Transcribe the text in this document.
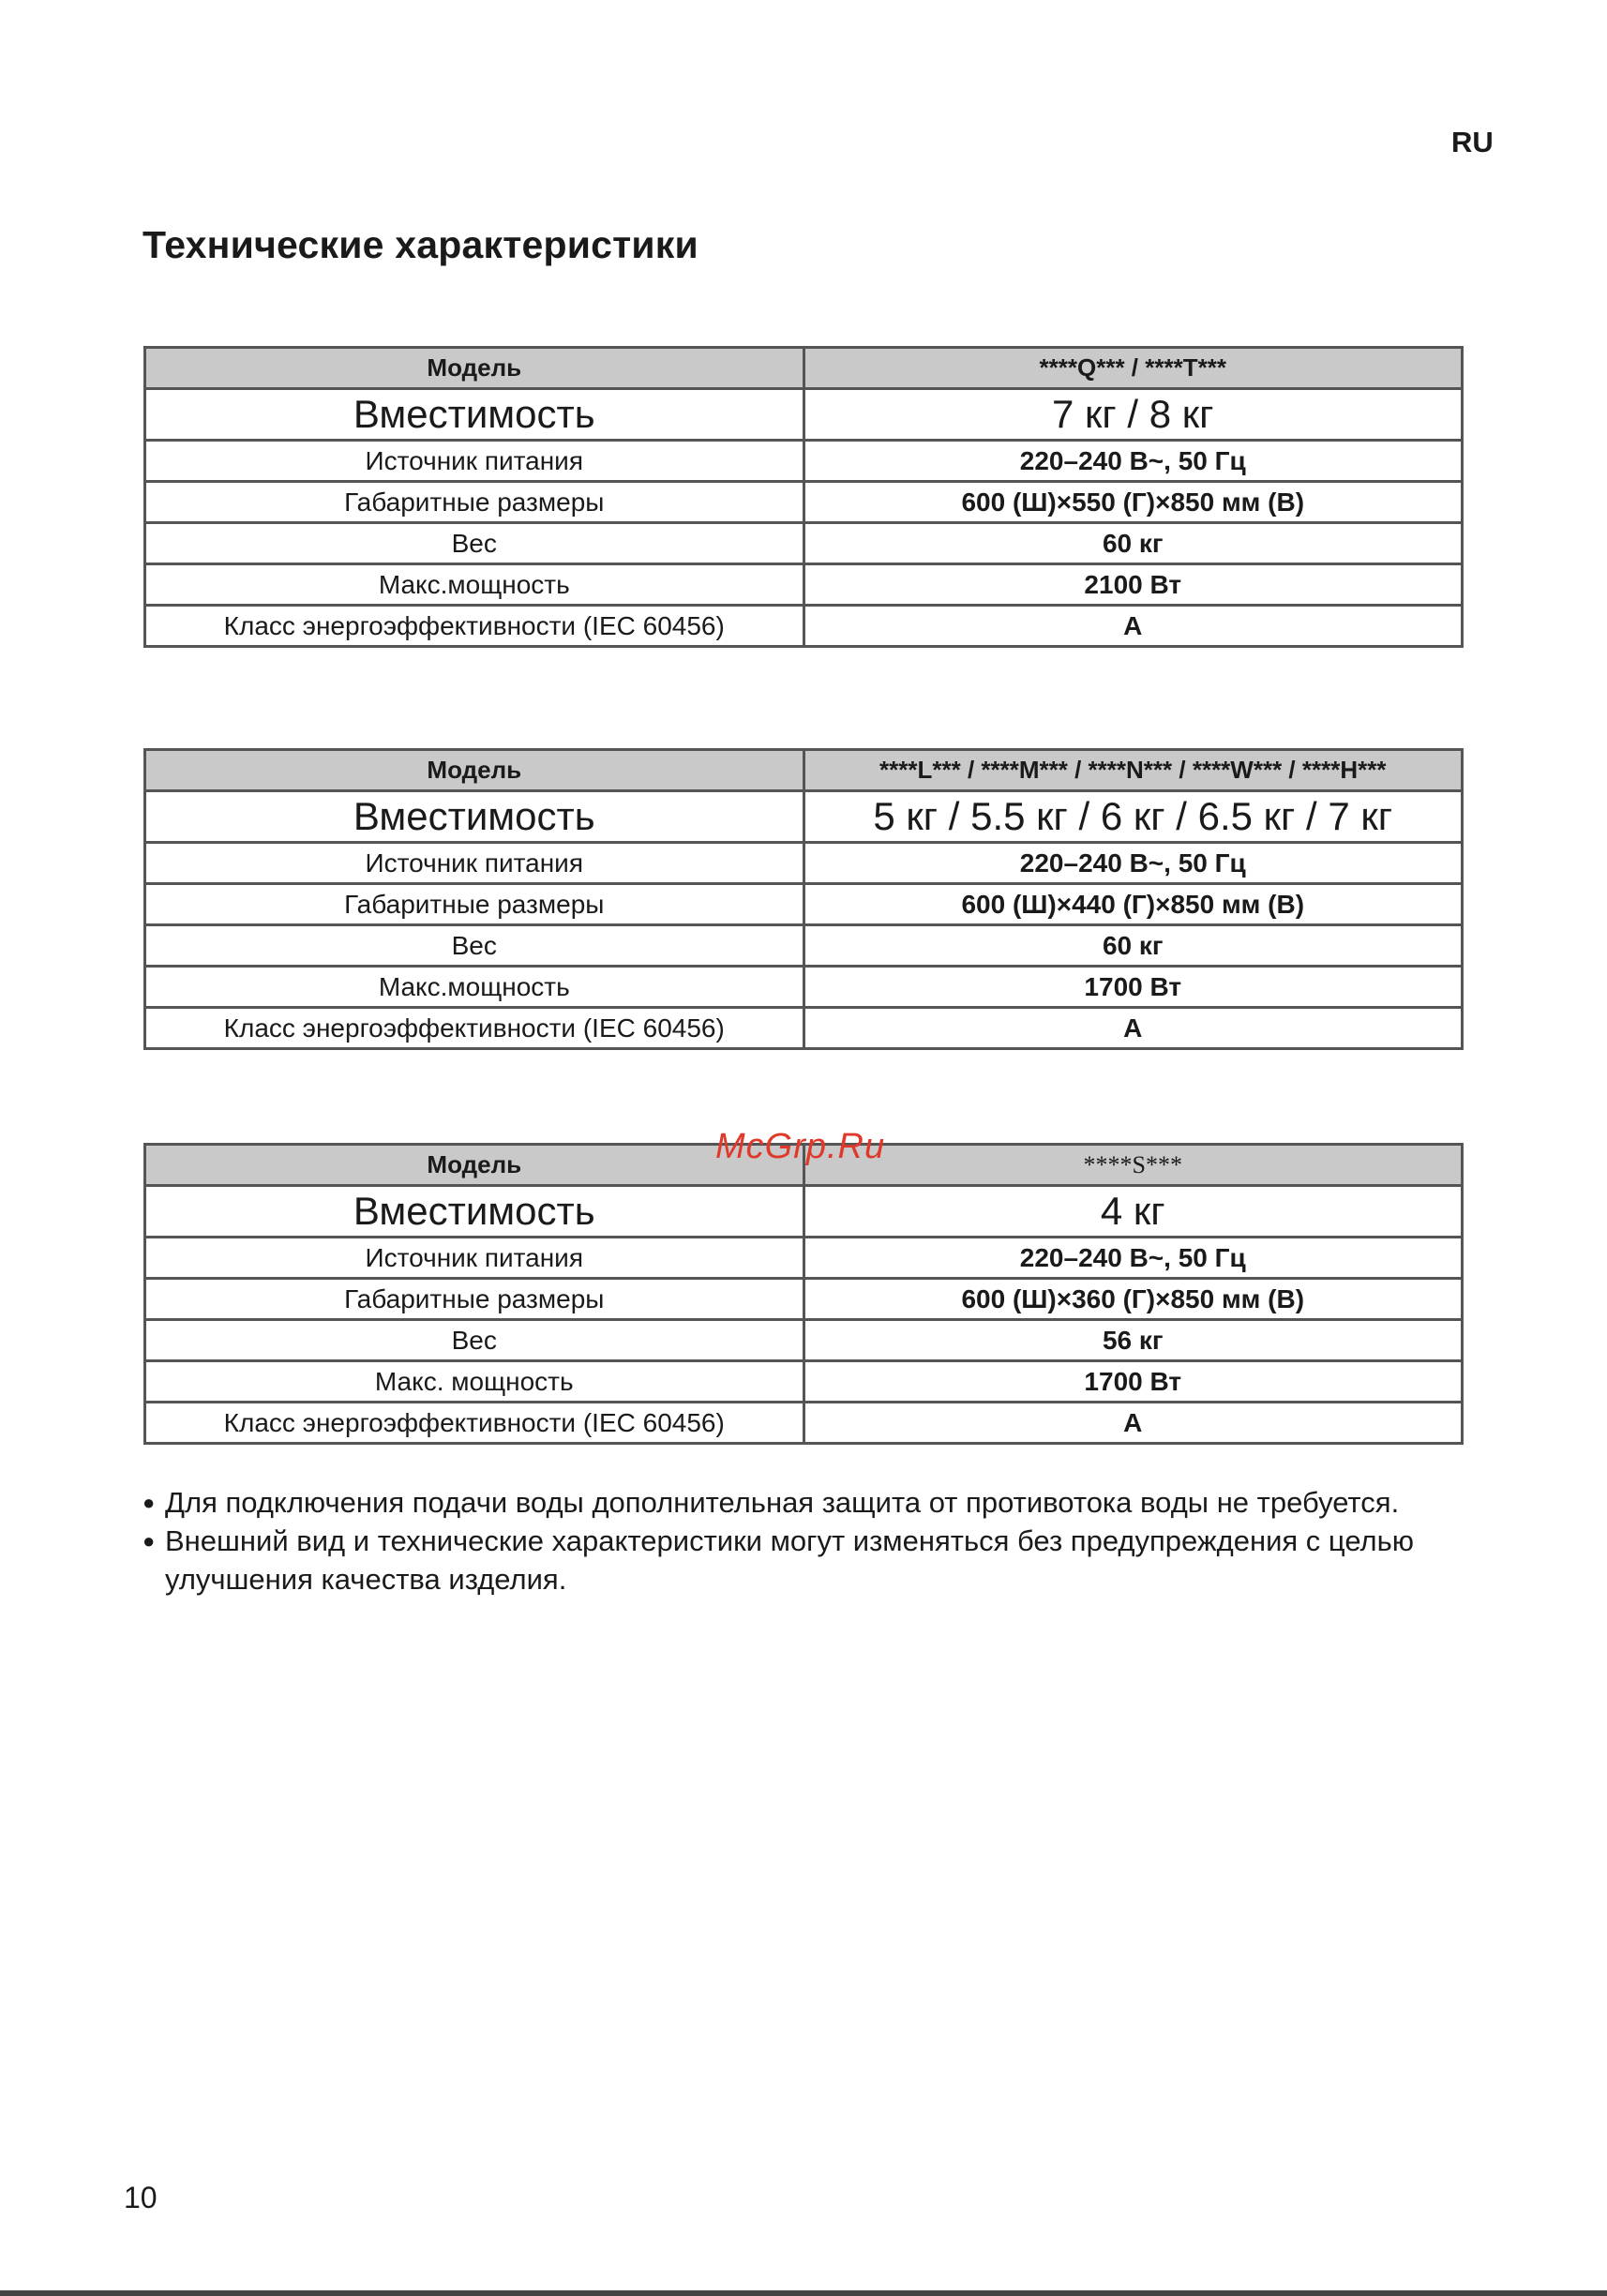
RU
Технические характеристики
Модель	****Q*** / ****T***
Вместимость	7 кг / 8 кг
Источник питания	220–240 В~, 50 Гц
Габаритные размеры	600 (Ш)×550 (Г)×850 мм (В)
Вес	60 кг
Макс.мощность	2100 Вт
Класс энергоэффективности (IEC 60456)	A
Модель	****L*** / ****M*** / ****N*** / ****W*** / ****H***
Вместимость	5 кг / 5.5 кг / 6 кг / 6.5 кг / 7 кг
Источник питания	220–240 В~, 50 Гц
Габаритные размеры	600 (Ш)×440 (Г)×850 мм (В)
Вес	60 кг
Макс.мощность	1700 Вт
Класс энергоэффективности (IEC 60456)	A
Модель	****S***
Вместимость	4 кг
Источник питания	220–240 В~, 50 Гц
Габаритные размеры	600 (Ш)×360 (Г)×850 мм (В)
Вес	56 кг
Макс. мощность	1700 Вт
Класс энергоэффективности (IEC 60456)	A
McGrp.Ru
● Для подключения подачи воды дополнительная защита от противотока воды не требуется.
● Внешний вид и технические характеристики могут изменяться без предупреждения с целью улучшения качества изделия.
10
